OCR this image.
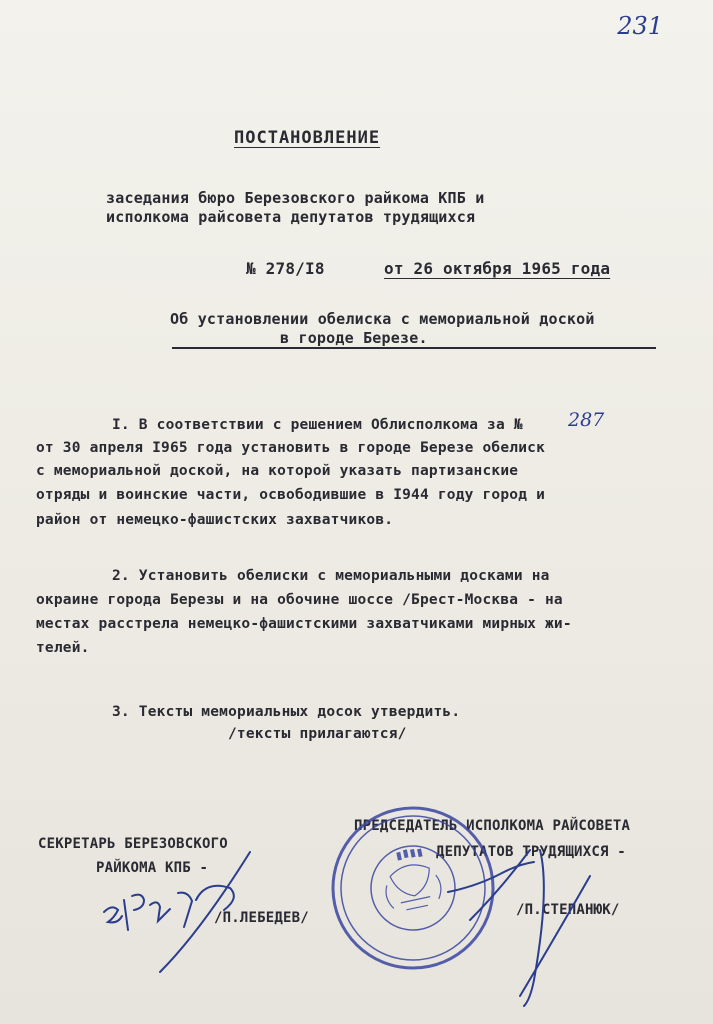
231
ПОСТАНОВЛЕНИЕ
заседания бюро Березовского райкома КПБ и
исполкома райсовета депутатов трудящихся
№ 278/I8	от 26 октября 1965 года
Об установлении обелиска с мемориальной доской
в городе Березе.
I. В соответствии с решением Облисполкома за № 287
от 30 апреля I965 года установить в городе Березе обелиск
с мемориальной доской, на которой указать партизанские
отряды и воинские части, освободившие в I944 году город и
район от немецко-фашистских захватчиков.
2. Установить обелиски с мемориальными досками на
окраине города Березы и на обочине шоссе /Брест-Москва - на
местах расстрела немецко-фашистскими захватчиками мирных жи-
телей.
3. Тексты мемориальных досок утвердить.
/тексты прилагаются/
СЕКРЕТАРЬ БЕРЕЗОВСКОГО
РАЙКОМА КПБ -
/П.ЛЕБЕДЕВ/
ПРЕДСЕДАТЕЛЬ ИСПОЛКОМА РАЙСОВЕТА
ДЕПУТАТОВ ТРУДЯЩИХСЯ -
/П.СТЕПАНЮК/
